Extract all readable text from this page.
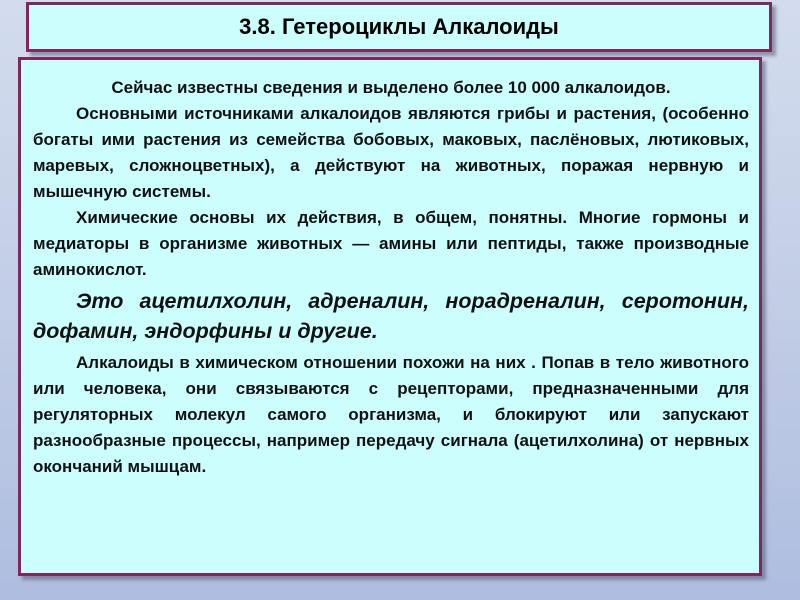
3.8. Гетероциклы Алкалоиды

Сейчас известны сведения и выделено более 10 000 алкалоидов.

Основными источниками алкалоидов являются грибы и растения, (особенно богаты ими растения из семейства бобовых, маковых, паслёновых, лютиковых, маревых, сложноцветных), а действуют на животных, поражая нервную и мышечную системы.

Химические основы их действия, в общем, понятны. Многие гормоны и медиаторы в организме животных — амины или пептиды, также производные аминокислот.

Это ацетилхолин, адреналин, норадреналин, серотонин, дофамин, эндорфины и другие.

Алкалоиды в химическом отношении похожи на них . Попав в тело животного или человека, они связываются с рецепторами, предназначенными для регуляторных молекул самого организма, и блокируют или запускают разнообразные процессы, например передачу сигнала (ацетилхолина) от нервных окончаний мышцам.
